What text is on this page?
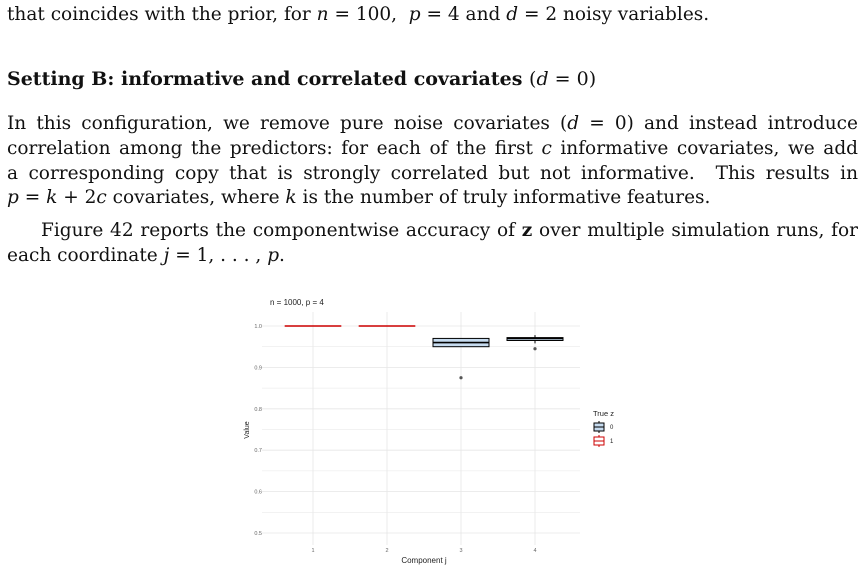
that coincides with the prior, for n = 100,  p = 4 and d = 2 noisy variables.

Setting B: informative and correlated covariates (d = 0)

In this configuration, we remove pure noise covariates (d = 0) and instead introduce
correlation among the predictors: for each of the first c informative covariates, we add
a corresponding copy that is strongly correlated but not informative.  This results in
p = k + 2c covariates, where k is the number of truly informative features.

Figure 42 reports the componentwise accuracy of z over multiple simulation runs, for
each coordinate j = 1, . . . , p.

n = 1000, p = 4
1.0
0.9
0.8
0.7
0.6
0.5
1	2	3	4
Value
Component j
True z
0
1
